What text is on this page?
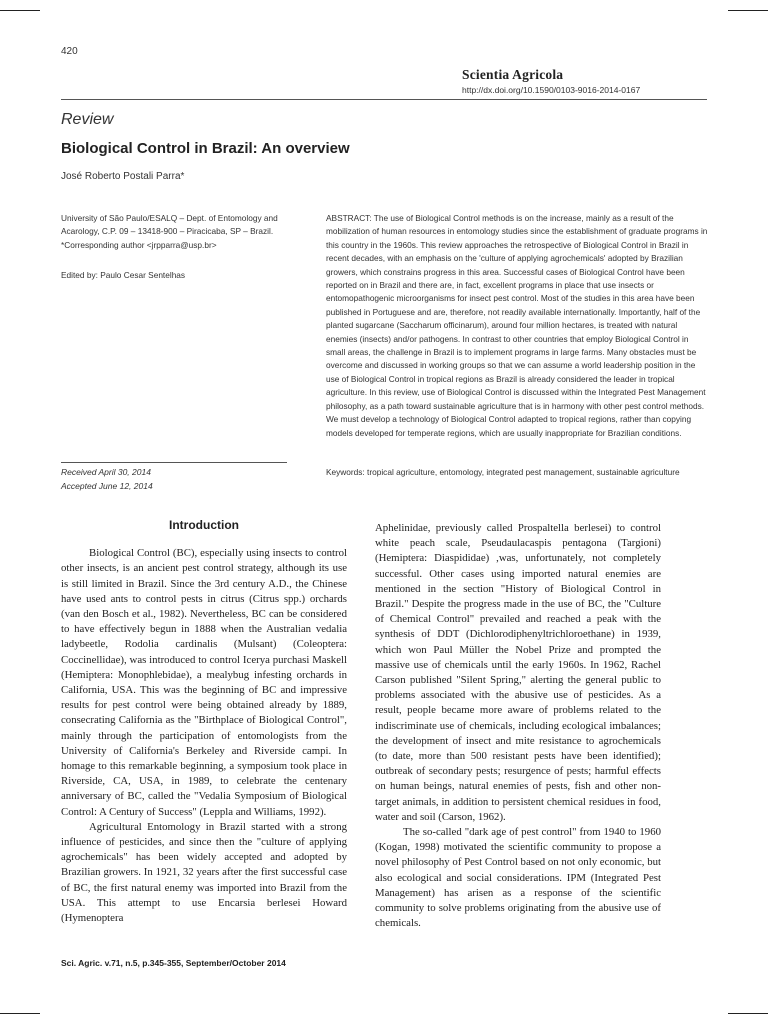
420
Scientia Agricola
http://dx.doi.org/10.1590/0103-9016-2014-0167
Review
Biological Control in Brazil: An overview
José Roberto Postali Parra*
University of São Paulo/ESALQ – Dept. of Entomology and Acarology, C.P. 09 – 13418-900 – Piracicaba, SP – Brazil.
*Corresponding author <jrpparra@usp.br>
Edited by: Paulo Cesar Sentelhas
ABSTRACT: The use of Biological Control methods is on the increase, mainly as a result of the mobilization of human resources in entomology studies since the establishment of graduate programs in this country in the 1960s. This review approaches the retrospective of Biological Control in Brazil in recent decades, with an emphasis on the 'culture of applying agrochemicals' adopted by Brazilian growers, which constrains progress in this area. Successful cases of Biological Control have been reported on in Brazil and there are, in fact, excellent programs in place that use insects or entomopathogenic microorganisms for insect pest control. Most of the studies in this area have been published in Portuguese and are, therefore, not readily available internationally. Importantly, half of the planted sugarcane (Saccharum officinarum), around four million hectares, is treated with natural enemies (insects) and/or pathogens. In contrast to other countries that employ Biological Control in small areas, the challenge in Brazil is to implement programs in large farms. Many obstacles must be overcome and discussed in working groups so that we can assume a world leadership position in the use of Biological Control in tropical regions as Brazil is already considered the leader in tropical agriculture. In this review, use of Biological Control is discussed within the Integrated Pest Management philosophy, as a path toward sustainable agriculture that is in harmony with other pest control methods. We must develop a technology of Biological Control adapted to tropical regions, rather than copying models developed for temperate regions, which are usually inappropriate for Brazilian conditions.
Received April 30, 2014
Accepted June 12, 2014
Keywords: tropical agriculture, entomology, integrated pest management, sustainable agriculture
Introduction

Biological Control (BC), especially using insects to control other insects, is an ancient pest control strategy, although its use is still limited in Brazil. Since the 3rd century A.D., the Chinese have used ants to control pests in citrus (Citrus spp.) orchards (van den Bosch et al., 1982). Nevertheless, BC can be considered to have effectively begun in 1888 when the Australian vedalia ladybeetle, Rodolia cardinalis (Mulsant) (Coleoptera: Coccinellidae), was introduced to control Icerya purchasi Maskell (Hemiptera: Monophlebidae), a mealybug infesting orchards in California, USA. This was the beginning of BC and impressive results for pest control were being obtained already by 1889, consecrating California as the "Birthplace of Biological Control", mainly through the participation of entomologists from the University of California's Berkeley and Riverside campi. In homage to this remarkable beginning, a symposium took place in Riverside, CA, USA, in 1989, to celebrate the centenary anniversary of BC, called the "Vedalia Symposium of Biological Control: A Century of Success" (Leppla and Williams, 1992).

Agricultural Entomology in Brazil started with a strong influence of pesticides, and since then the "culture of applying agrochemicals" has been widely accepted and adopted by Brazilian growers. In 1921, 32 years after the first successful case of BC, the first natural enemy was imported into Brazil from the USA. This attempt to use Encarsia berlesei Howard (Hymenoptera

Aphelinidae, previously called Prospaltella berlesei) to control white peach scale, Pseudaulacaspis pentagona (Targioni) (Hemiptera: Diaspididae) ,was, unfortunately, not completely successful. Other cases using imported natural enemies are mentioned in the section "History of Biological Control in Brazil." Despite the progress made in the use of BC, the "Culture of Chemical Control" prevailed and reached a peak with the synthesis of DDT (Dichlorodiphenyltrichloroethane) in 1939, which won Paul Müller the Nobel Prize and prompted the massive use of chemicals until the early 1960s. In 1962, Rachel Carson published "Silent Spring," alerting the general public to problems associated with the abusive use of pesticides. As a result, people became more aware of problems related to the indiscriminate use of chemicals, including ecological imbalances; the development of insect and mite resistance to agrochemicals (to date, more than 500 resistant pests have been identified); outbreak of secondary pests; resurgence of pests; harmful effects on human beings, natural enemies of pests, fish and other non-target animals, in addition to persistent chemical residues in food, water and soil (Carson, 1962).

The so-called "dark age of pest control" from 1940 to 1960 (Kogan, 1998) motivated the scientific community to propose a novel philosophy of Pest Control based on not only economic, but also ecological and social considerations. IPM (Integrated Pest Management) has arisen as a response of the scientific community to solve problems originating from the abusive use of chemicals.

Sci. Agric. v.71, n.5, p.345-355, September/October 2014
